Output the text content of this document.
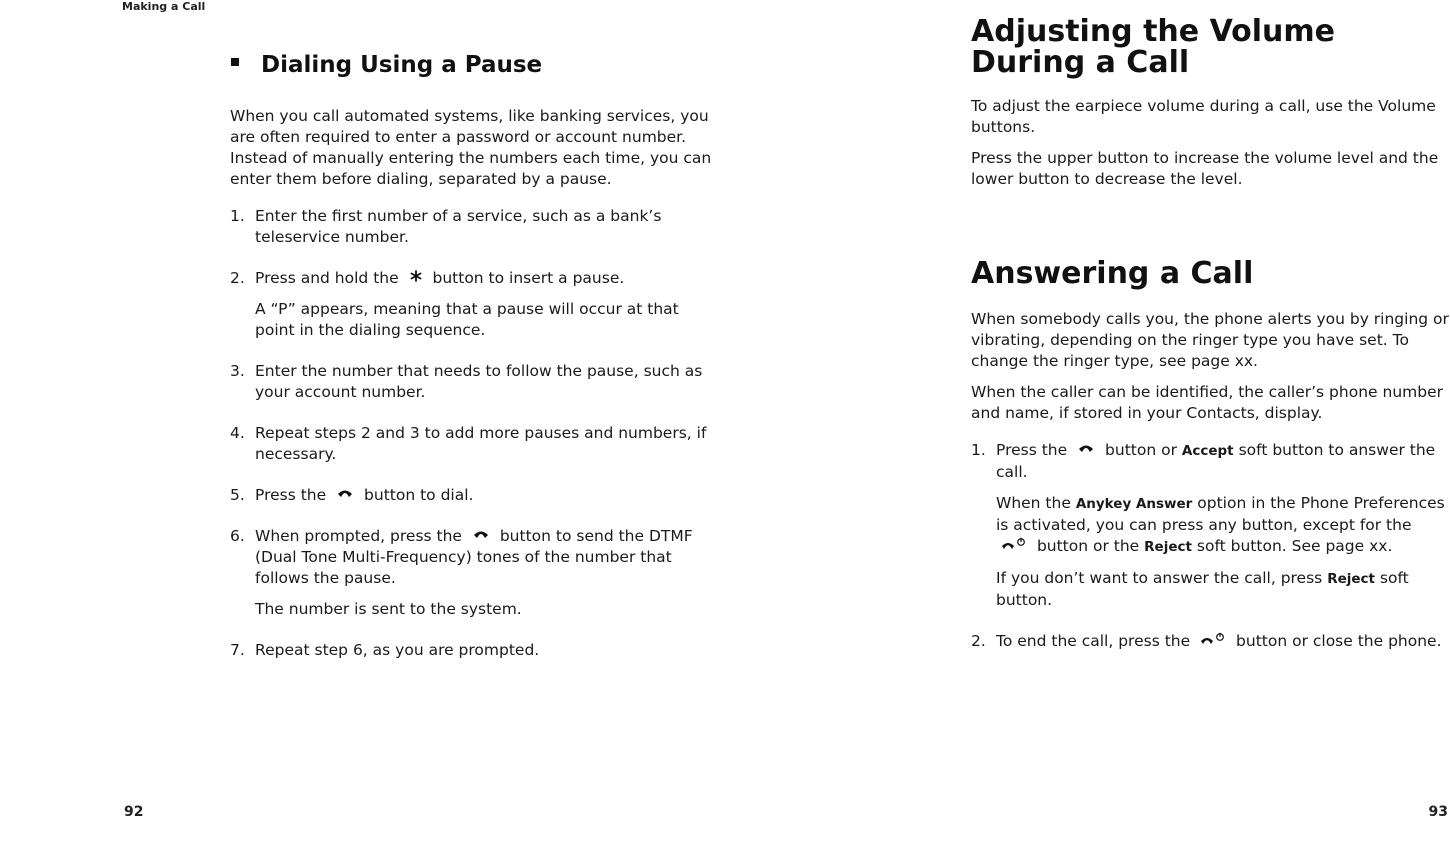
Making a Call
Dialing Using a Pause

When you call automated systems, like banking services, you are often required to enter a password or account number. Instead of manually entering the numbers each time, you can enter them before dialing, separated by a pause.

1. Enter the first number of a service, such as a bank’s teleservice number.
2. Press and hold the button to insert a pause.

A “P” appears, meaning that a pause will occur at that point in the dialing sequence.

3. Enter the number that needs to follow the pause, such as your account number.
4. Repeat steps 2 and 3 to add more pauses and numbers, if necessary.
5. Press the button to dial.
6. When prompted, press the button to send the DTMF (Dual Tone Multi-Frequency) tones of the number that follows the pause.

The number is sent to the system.

7. Repeat step 6, as you are prompted.
92
Adjusting the Volume During a Call

To adjust the earpiece volume during a call, use the Volume buttons.

Press the upper button to increase the volume level and the lower button to decrease the level.

Answering a Call

When somebody calls you, the phone alerts you by ringing or vibrating, depending on the ringer type you have set. To change the ringer type, see page xx.

When the caller can be identified, the caller’s phone number and name, if stored in your Contacts, display.

1. Press the button or Accept soft button to answer the call.

When the Anykey Answer option in the Phone Preferences is activated, you can press any button, except for the  button or the Reject soft button. See page xx.

If you don’t want to answer the call, press Reject soft button.

2. To end the call, press the	button or close the phone.
93
